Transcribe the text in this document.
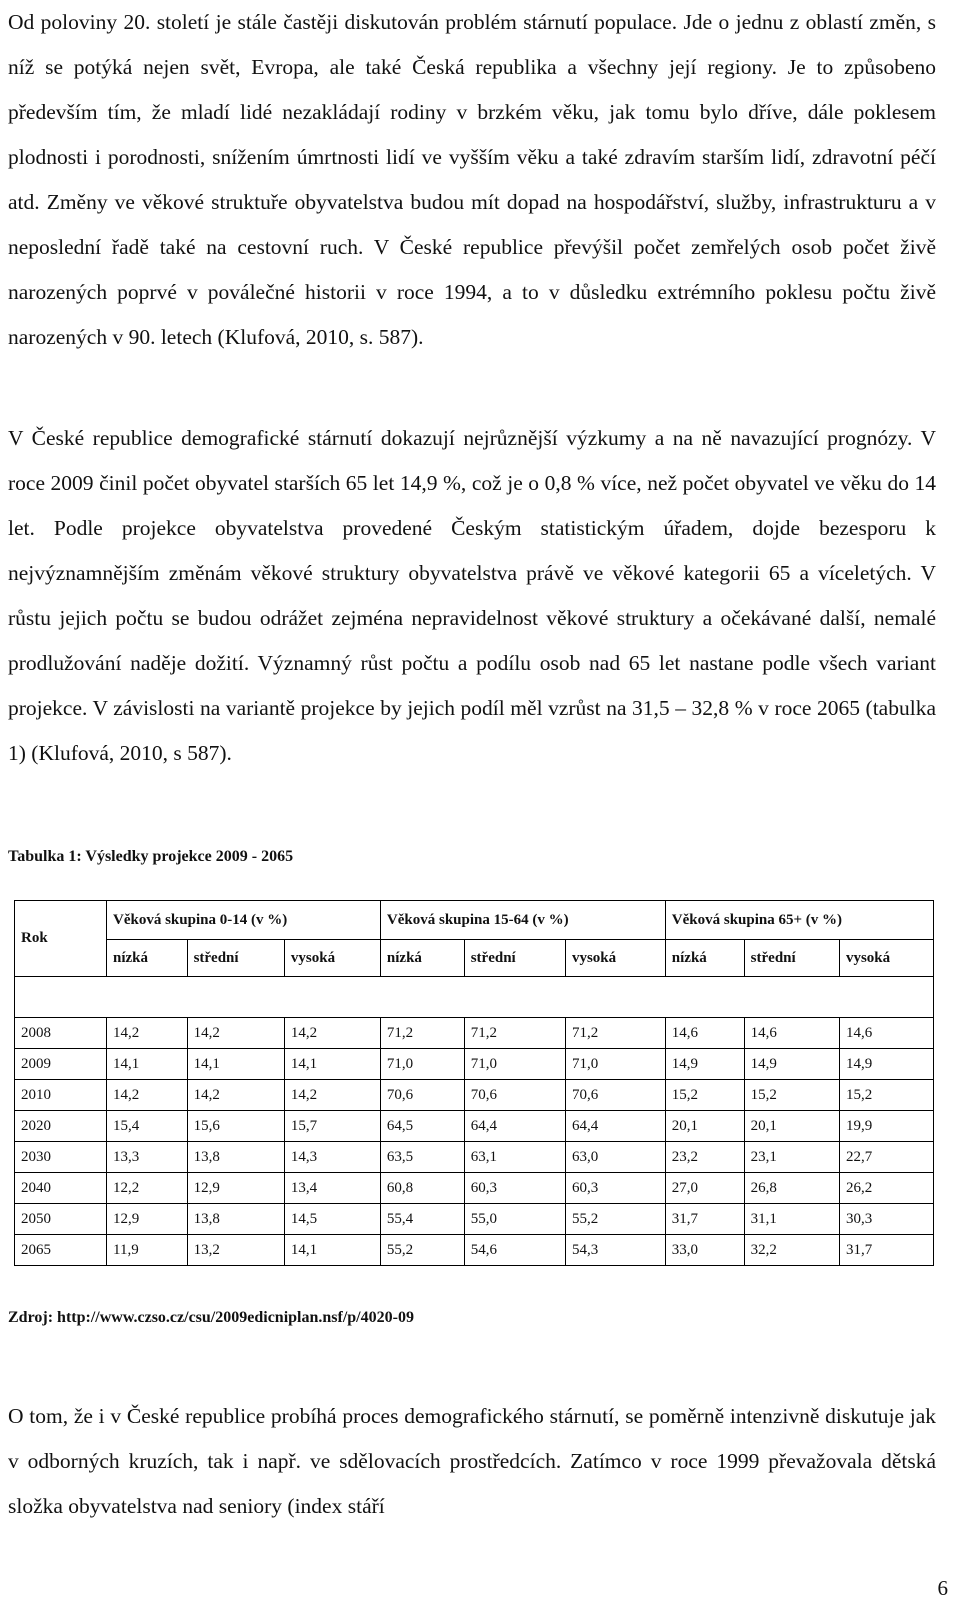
Od poloviny 20. století je stále častěji diskutován problém stárnutí populace. Jde o jednu z oblastí změn, s níž se potýká nejen svět, Evropa, ale také Česká republika a všechny její regiony. Je to způsobeno především tím, že mladí lidé nezakládají rodiny v brzkém věku, jak tomu bylo dříve, dále poklesem plodnosti i porodnosti, snížením úmrtnosti lidí ve vyšším věku a také zdravím starším lidí, zdravotní péčí atd. Změny ve věkové struktuře obyvatelstva budou mít dopad na hospodářství, služby, infrastrukturu a v neposlední řadě také na cestovní ruch. V České republice převýšil počet zemřelých osob počet živě narozených poprvé v poválečné historii v roce 1994, a to v důsledku extrémního poklesu počtu živě narozených v 90. letech (Klufová, 2010, s. 587).

V České republice demografické stárnutí dokazují nejrůznější výzkumy a na ně navazující prognózy. V roce 2009 činil počet obyvatel starších 65 let 14,9 %, což je o 0,8 % více, než počet obyvatel ve věku do 14 let. Podle projekce obyvatelstva provedené Českým statistickým úřadem, dojde bezesporu k nejvýznamnějším změnám věkové struktury obyvatelstva právě ve věkové kategorii 65 a víceletých. V růstu jejich počtu se budou odrážet zejména nepravidelnost věkové struktury a očekávané další, nemalé prodlužování naděje dožití. Významný růst počtu a podílu osob nad 65 let nastane podle všech variant projekce. V závislosti na variantě projekce by jejich podíl měl vzrůst na 31,5 – 32,8 % v roce 2065 (tabulka 1) (Klufová, 2010, s 587).

Tabulka 1: Výsledky projekce 2009 - 2065

Rok	Věková skupina 0-14 (v %)			Věková skupina 15-64 (v %)			Věková skupina 65+ (v %)		
	nízká	střední	vysoká	nízká	střední	vysoká	nízká	střední	vysoká

2008	14,2	14,2	14,2	71,2	71,2	71,2	14,6	14,6	14,6
2009	14,1	14,1	14,1	71,0	71,0	71,0	14,9	14,9	14,9
2010	14,2	14,2	14,2	70,6	70,6	70,6	15,2	15,2	15,2
2020	15,4	15,6	15,7	64,5	64,4	64,4	20,1	20,1	19,9
2030	13,3	13,8	14,3	63,5	63,1	63,0	23,2	23,1	22,7
2040	12,2	12,9	13,4	60,8	60,3	60,3	27,0	26,8	26,2
2050	12,9	13,8	14,5	55,4	55,0	55,2	31,7	31,1	30,3
2065	11,9	13,2	14,1	55,2	54,6	54,3	33,0	32,2	31,7

Zdroj: http://www.czso.cz/csu/2009edicniplan.nsf/p/4020-09

O tom, že i v České republice probíhá proces demografického stárnutí, se poměrně intenzivně diskutuje jak v odborných kruzích, tak i např. ve sdělovacích prostředcích. Zatímco v roce 1999 převažovala dětská složka obyvatelstva nad seniory (index stáří

6
